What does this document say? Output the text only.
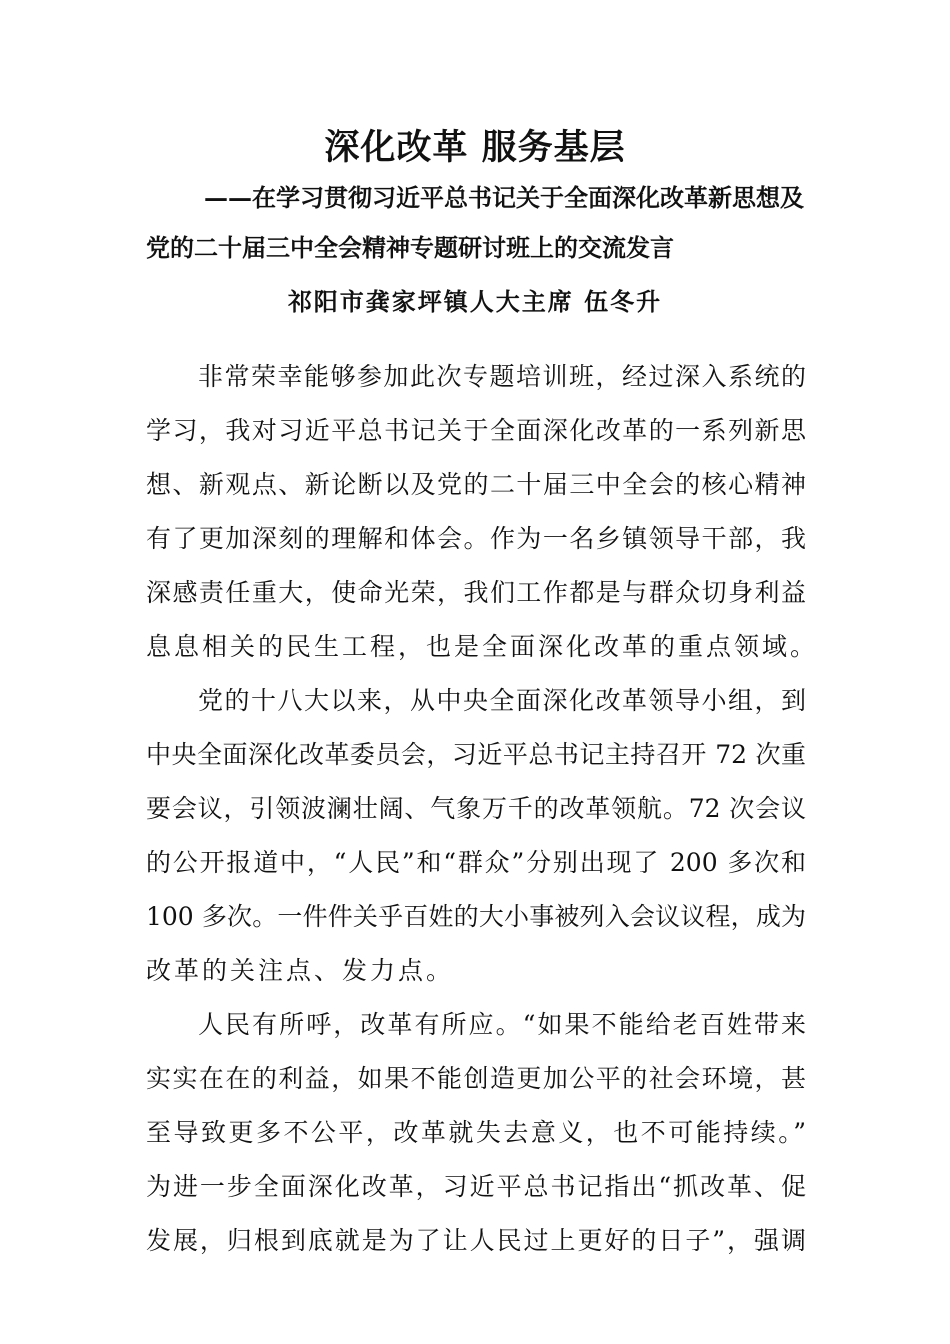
深化改革 服务基层
——在学习贯彻习近平总书记关于全面深化改革新思想及
党的二十届三中全会精神专题研讨班上的交流发言
祁阳市龚家坪镇人大主席 伍冬升
非常荣幸能够参加此次专题培训班，经过深入系统的
学习，我对习近平总书记关于全面深化改革的一系列新思
想、新观点、新论断以及党的二十届三中全会的核心精神
有了更加深刻的理解和体会。作为一名乡镇领导干部，我
深感责任重大，使命光荣，我们工作都是与群众切身利益
息息相关的民生工程，也是全面深化改革的重点领域。
党的十八大以来，从中央全面深化改革领导小组，到
中央全面深化改革委员会，习近平总书记主持召开 72 次重
要会议，引领波澜壮阔、气象万千的改革领航。72 次会议
的公开报道中，“人民”和“群众”分别出现了 200 多次和
100 多次。一件件关乎百姓的大小事被列入会议议程，成为
改革的关注点、发力点。
人民有所呼，改革有所应。“如果不能给老百姓带来
实实在在的利益，如果不能创造更加公平的社会环境，甚
至导致更多不公平，改革就失去意义，也不可能持续。”
为进一步全面深化改革，习近平总书记指出“抓改革、促
发展，归根到底就是为了让人民过上更好的日子”，强调
